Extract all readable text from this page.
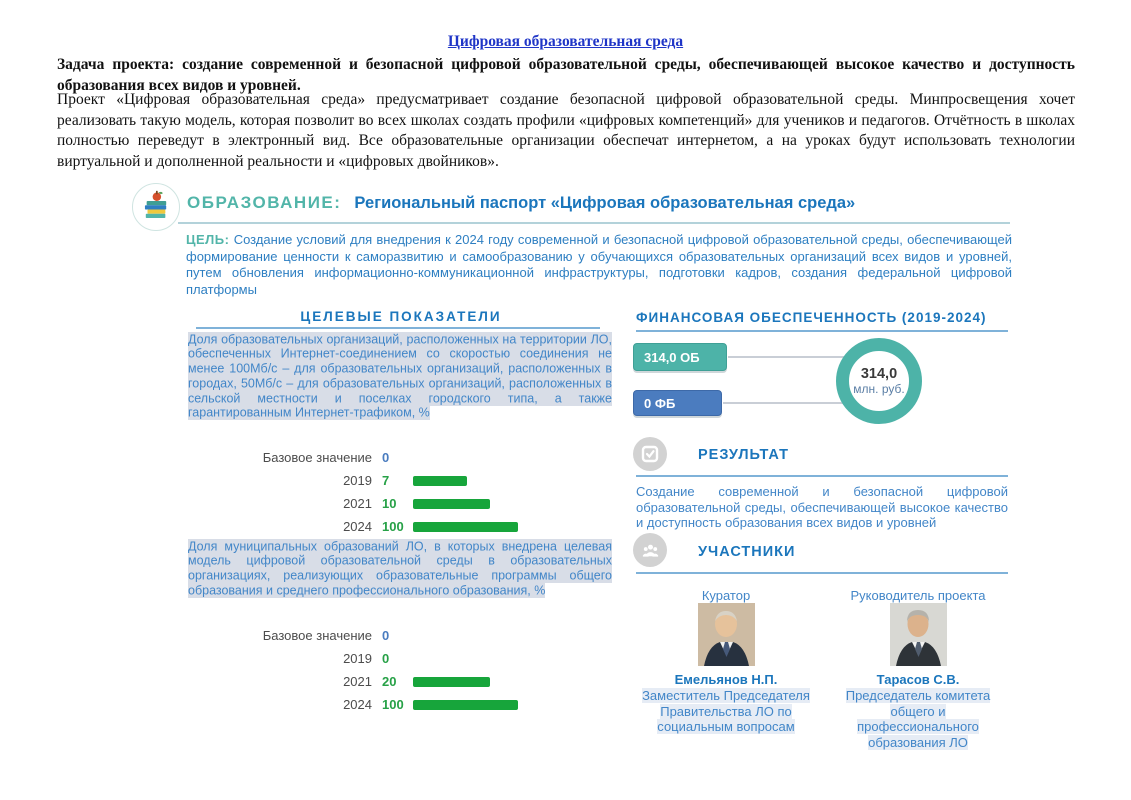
Цифровая образовательная среда
Задача проекта: создание современной и безопасной цифровой образовательной среды, обеспечивающей высокое качество и доступность образования всех видов и уровней.
Проект «Цифровая образовательная среда» предусматривает создание безопасной цифровой образовательной среды. Минпросвещения хочет реализовать такую модель, которая позволит во всех школах создать профили «цифровых компетенций» для учеников и педагогов. Отчётность в школах полностью переведут в электронный вид. Все образовательные организации обеспечат интернетом, а на уроках будут использовать технологии виртуальной и дополненной реальности и «цифровых двойников».
ОБРАЗОВАНИЕ: Региональный паспорт «Цифровая образовательная среда»
ЦЕЛЬ: Создание условий для внедрения к 2024 году современной и безопасной цифровой образовательной среды, обеспечивающей формирование ценности к саморазвитию и самообразованию у обучающихся образовательных организаций всех видов и уровней, путем обновления информационно-коммуникационной инфраструктуры, подготовки кадров, создания федеральной цифровой платформы
ЦЕЛЕВЫЕ ПОКАЗАТЕЛИ
Доля образовательных организаций, расположенных на территории ЛО, обеспеченных Интернет-соединением со скоростью соединения не менее 100Мб/с – для образовательных организаций, расположенных в городах, 50Мб/с – для образовательных организаций, расположенных в сельской местности и поселках городского типа, а также гарантированным Интернет-трафиком, %
Базовое значение 0
2019 7
2021 10
2024 100
Доля муниципальных образований ЛО, в которых внедрена целевая модель цифровой образовательной среды в образовательных организациях, реализующих образовательные программы общего образования и среднего профессионального образования, %
Базовое значение 0
2019 0
2021 20
2024 100
ФИНАНСОВАЯ ОБЕСПЕЧЕННОСТЬ (2019-2024)
314,0 ОБ
0 ФБ
314,0
млн. руб.
РЕЗУЛЬТАТ
Создание современной и безопасной цифровой образовательной среды, обеспечивающей высокое качество и доступность образования всех видов и уровней
УЧАСТНИКИ
Куратор	Руководитель проекта
Емельянов Н.П.
Заместитель Председателя Правительства ЛО по социальным вопросам
Тарасов С.В.
Председатель комитета общего и профессионального образования ЛО
